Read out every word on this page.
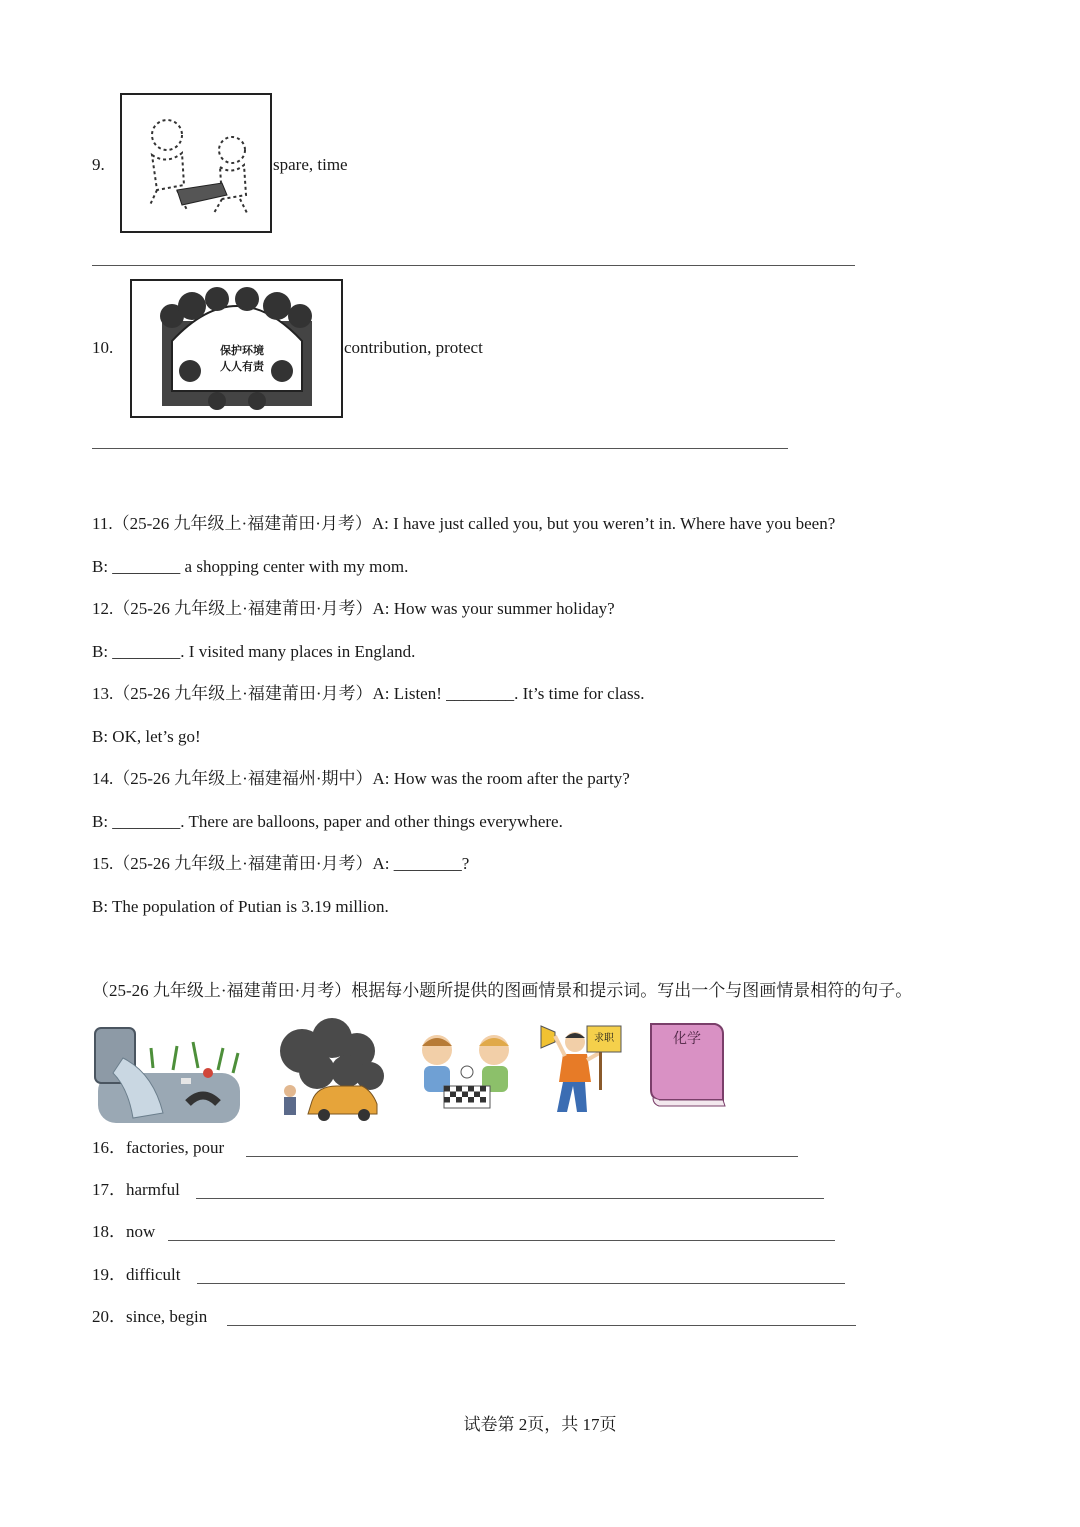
9.	spare, time
10.	保护环境
人人有责
contribution, protect
11.（25-26 九年级上·福建莆田·月考）A: I have just called you, but you weren’t in. Where have you been?
B: ________ a shopping center with my mom.
12.（25-26 九年级上·福建莆田·月考）A: How was your summer holiday?
B: ________. I visited many places in England.
13.（25-26 九年级上·福建莆田·月考）A: Listen! ________. It’s time for class.
B: OK, let’s go!
14.（25-26 九年级上·福建福州·期中）A: How was the room after the party?
B: ________. There are balloons, paper and other things everywhere.
15.（25-26 九年级上·福建莆田·月考）A: ________?
B: The population of Putian is 3.19 million.
（25-26 九年级上·福建莆田·月考）根据每小题所提供的图画情景和提示词。写出一个与图画情景相符的句子。
求职	化学
16．factories, pour
17．harmful
18．now
19．difficult
20．since, begin
试卷第 2页，共 17页
